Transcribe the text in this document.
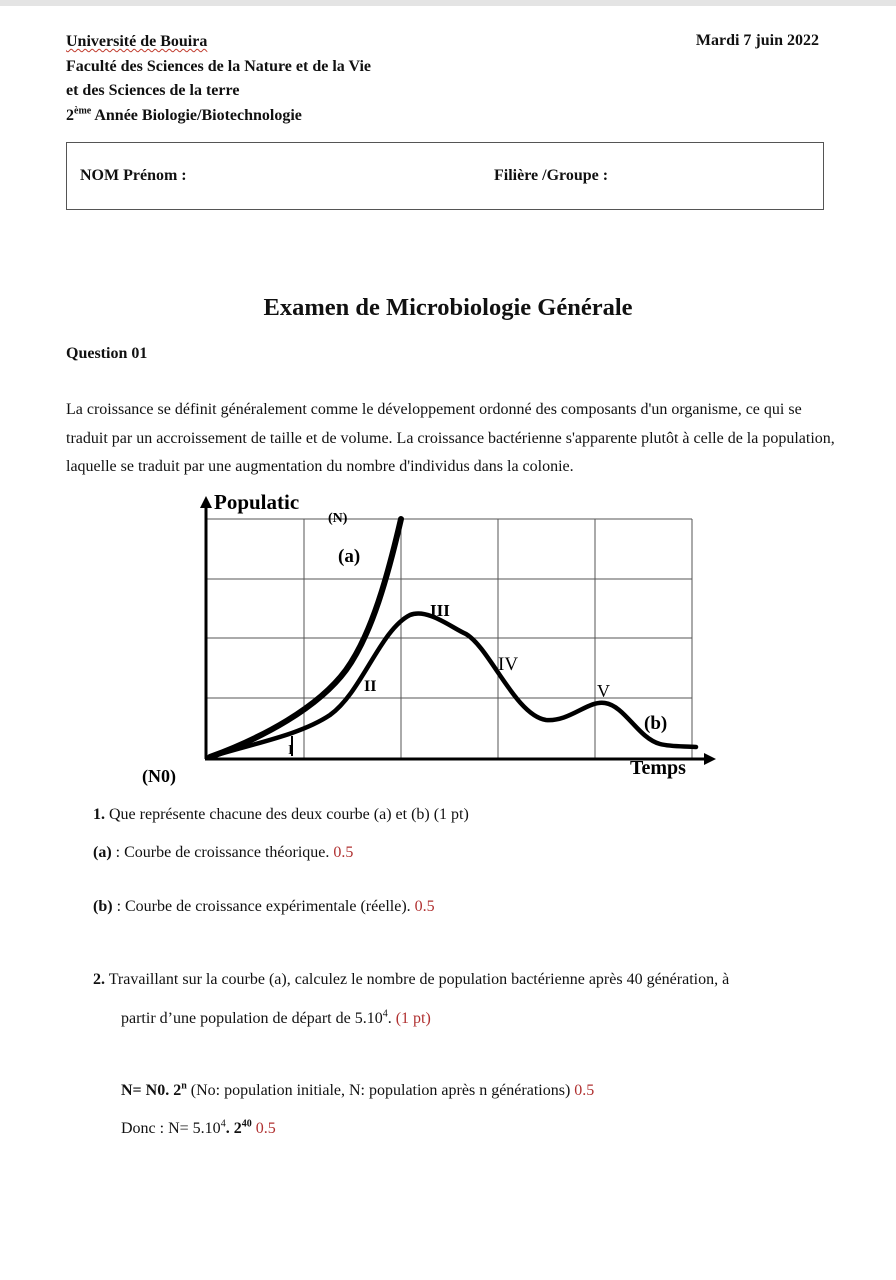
Université de Bouira
Faculté des Sciences de la Nature et de la Vie
et des Sciences de la terre
2ème Année Biologie/Biotechnologie
Mardi 7 juin 2022
NOM Prénom :	Filière /Groupe :
Examen de Microbiologie Générale
Question 01
La croissance se définit généralement comme le développement ordonné des composants d'un organisme, ce qui se traduit par un accroissement de taille et de volume. La croissance bactérienne s'apparente plutôt à celle de la population, laquelle se traduit par une augmentation du nombre d'individus dans la colonie.
Populatic
(N)
(a)
III
IV
II	V
(b)
I
Temps
(N0)
1. Que représente chacune des deux courbe (a) et (b) (1 pt)
(a) : Courbe de croissance théorique. 0.5
(b) : Courbe de croissance expérimentale (réelle). 0.5
2. Travaillant sur la courbe (a), calculez le nombre de population bactérienne après 40 génération, à
partir d’une population de départ de 5.10$^4$. (1 pt)
N= N0. 2$^n$ (No: population initiale, N: population après n générations) 0.5
Donc : $N= 5.10^4$. $2^{40}$ 0.5
